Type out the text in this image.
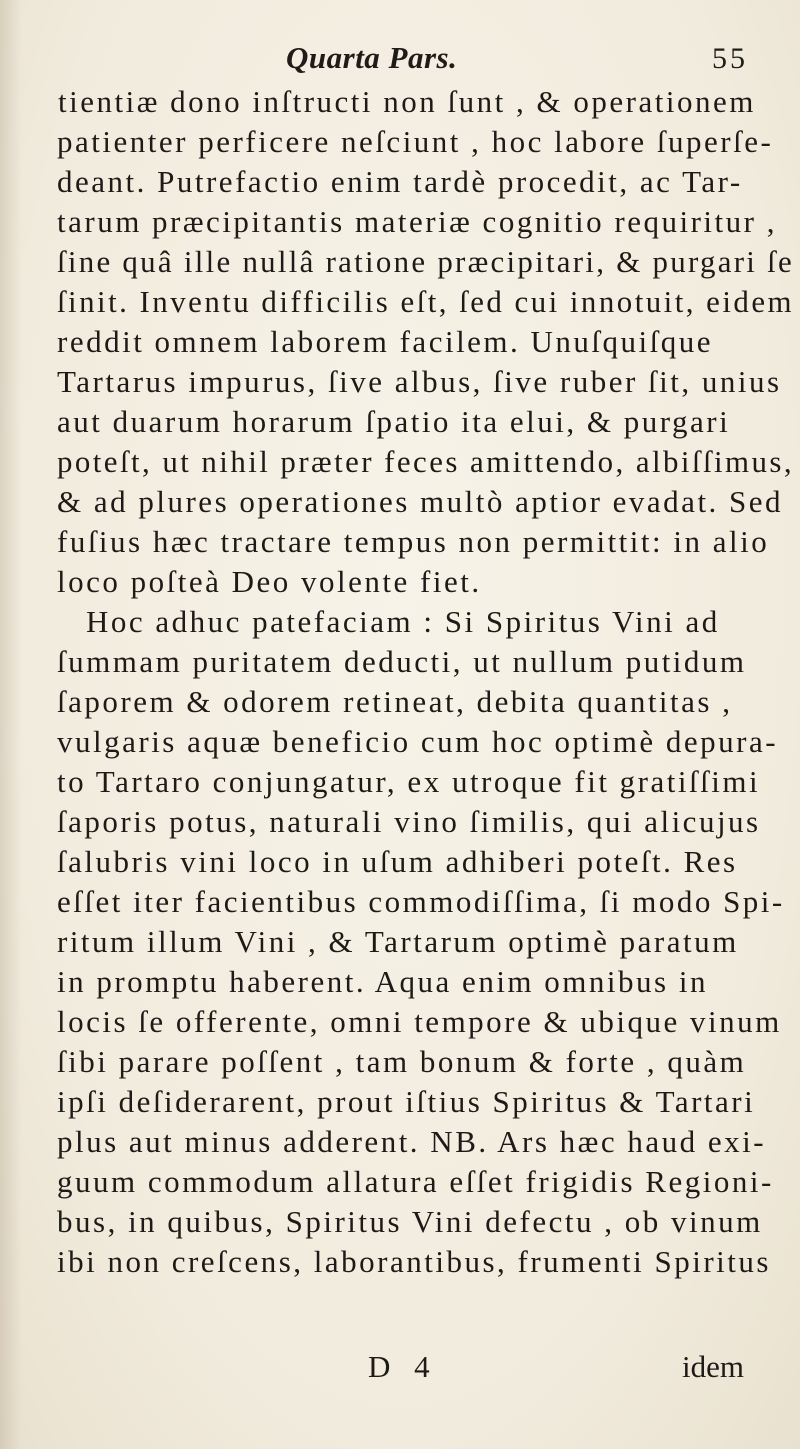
Quarta Pars.	55
tientiæ dono inſtructi non ſunt , & operationem
patienter perficere neſciunt , hoc labore ſuperſe-
deant. Putrefactio enim tardè procedit, ac Tar-
tarum præcipitantis materiæ cognitio requiritur ,
ſine quâ ille nullâ ratione præcipitari, & purgari ſe
ſinit. Inventu difficilis eſt, ſed cui innotuit, eidem
reddit omnem laborem facilem. Unuſquiſque
Tartarus impurus, ſive albus, ſive ruber ſit, unius
aut duarum horarum ſpatio ita elui, & purgari
poteſt, ut nihil præter feces amittendo, albiſſimus,
& ad plures operationes multò aptior evadat. Sed
fuſius hæc tractare tempus non permittit: in alio
loco poſteà Deo volente fiet.
Hoc adhuc patefaciam : Si Spiritus Vini ad
ſummam puritatem deducti, ut nullum putidum
ſaporem & odorem retineat, debita quantitas ,
vulgaris aquæ beneficio cum hoc optimè depura-
to Tartaro conjungatur, ex utroque fit gratiſſimi
ſaporis potus, naturali vino ſimilis, qui alicujus
ſalubris vini loco in uſum adhiberi poteſt. Res
eſſet iter facientibus commodiſſima, ſi modo Spi-
ritum illum Vini , & Tartarum optimè paratum
in promptu haberent. Aqua enim omnibus in
locis ſe offerente, omni tempore & ubique vinum
ſibi parare poſſent , tam bonum & forte , quàm
ipſi deſiderarent, prout iſtius Spiritus & Tartari
plus aut minus adderent. NB. Ars hæc haud exi-
guum commodum allatura eſſet frigidis Regioni-
bus, in quibus, Spiritus Vini defectu , ob vinum
ibi non creſcens, laborantibus, frumenti Spiritus
D 4	idem
